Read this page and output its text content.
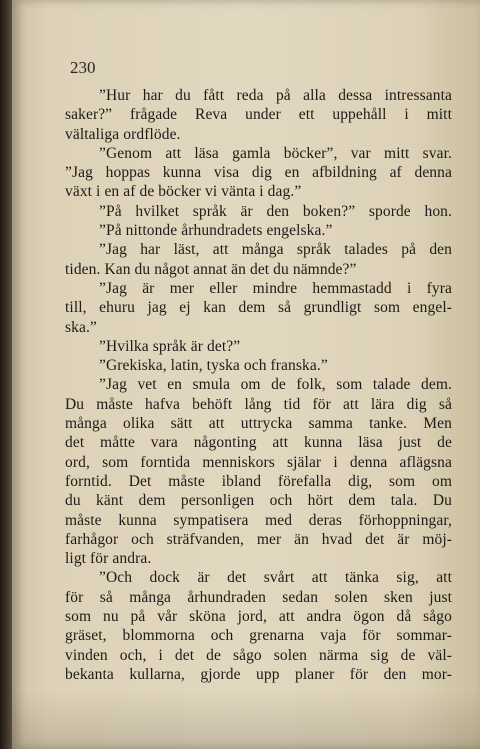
230
”Hur har du fått reda på alla dessa intressanta
saker?” frågade Reva under ett uppehåll i mitt
vältaliga ordflöde.
”Genom att läsa gamla böcker”, var mitt svar.
”Jag hoppas kunna visa dig en afbildning af denna
växt i en af de böcker vi vänta i dag.”
”På hvilket språk är den boken?” sporde hon.
”På nittonde århundradets engelska.”
”Jag har läst, att många språk talades på den
tiden. Kan du något annat än det du nämnde?”
”Jag är mer eller mindre hemmastadd i fyra
till, ehuru jag ej kan dem så grundligt som engel-
ska.”
”Hvilka språk är det?”
”Grekiska, latin, tyska och franska.”
”Jag vet en smula om de folk, som talade dem.
Du måste hafva behöft lång tid för att lära dig så
många olika sätt att uttrycka samma tanke. Men
det måtte vara någonting att kunna läsa just de
ord, som forntida menniskors själar i denna aflägsna
forntid. Det måste ibland förefalla dig, som om
du känt dem personligen och hört dem tala. Du
måste kunna sympatisera med deras förhoppningar,
farhågor och sträfvanden, mer än hvad det är möj-
ligt för andra.
”Och dock är det svårt att tänka sig, att
för så många århundraden sedan solen sken just
som nu på vår sköna jord, att andra ögon då sågo
gräset, blommorna och grenarna vaja för sommar-
vinden och, i det de sågo solen närma sig de väl-
bekanta kullarna, gjorde upp planer för den mor-
